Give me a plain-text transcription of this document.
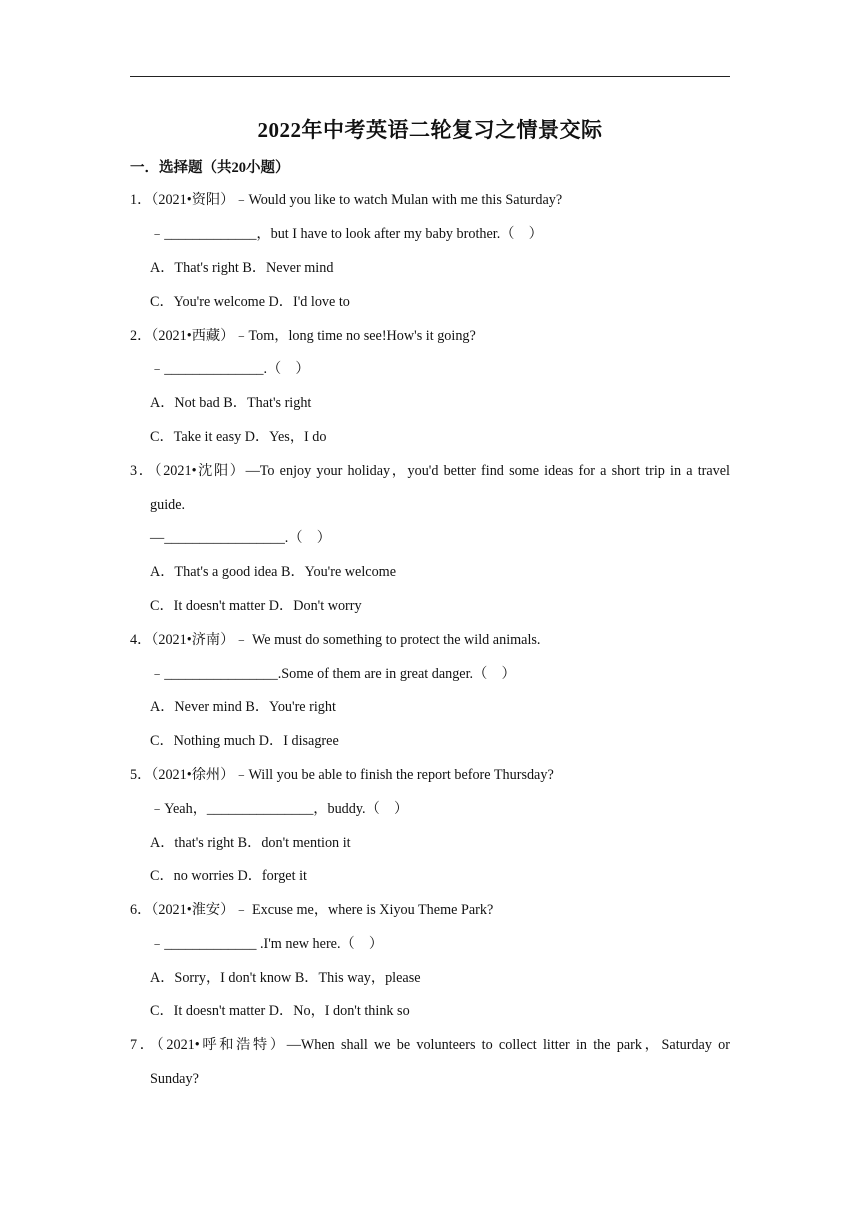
2022年中考英语二轮复习之情景交际
一．选择题（共20小题）
1．（2021•资阳）﹣Would you like to watch Mulan with me this Saturday?
﹣_____________，but I have to look after my baby brother.（　）
A．That's right B．Never mind
C．You're welcome D．I'd love to
2．（2021•西藏）﹣Tom，long time no see!How's it going?
﹣______________.（　）
A．Not bad B．That's right
C．Take it easy D．Yes，I do
3．（2021•沈阳）—To enjoy your holiday，you'd better find some ideas for a short trip in a travel
guide.
—_________________.（　）
A．That's a good idea B．You're welcome
C．It doesn't matter D．Don't worry
4．（2021•济南）﹣ We must do something to protect the wild animals.
﹣________________.Some of them are in great danger.（　）
A．Never mind B．You're right
C．Nothing much D．I disagree
5．（2021•徐州）﹣Will you be able to finish the report before Thursday?
﹣Yeah，_______________，buddy.（　）
A．that's right B．don't mention it
C．no worries D．forget it
6．（2021•淮安）﹣ Excuse me，where is Xiyou Theme Park?
﹣_____________ .I'm new here.（　）
A．Sorry，I don't know B．This way，please
C．It doesn't matter D．No，I don't think so
7．（2021•呼和浩特）—When shall we be volunteers to collect litter in the park，Saturday or
Sunday?
